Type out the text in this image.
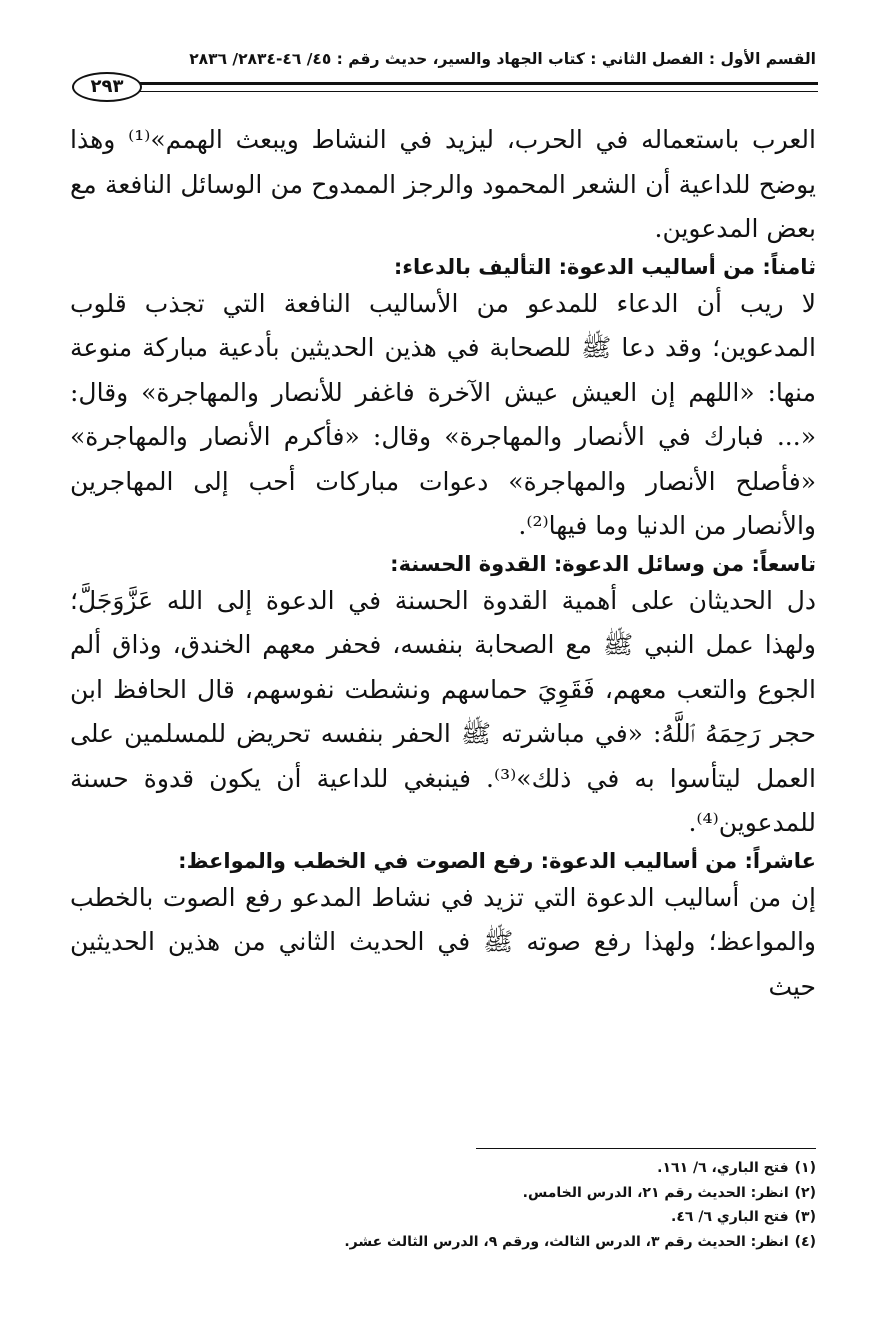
القسم الأول : الفصل الثاني : كتاب الجهاد والسير، حديث رقم : ٤٥/ ٤٦-٢٨٣٤/ ٢٨٣٦
٢٩٣

العرب باستعماله في الحرب، ليزيد في النشاط ويبعث الهمم»⁽¹⁾ وهذا يوضح للداعية أن الشعر المحمود والرجز الممدوح من الوسائل النافعة مع بعض المدعوين.

ثامناً: من أساليب الدعوة: التأليف بالدعاء:

لا ريب أن الدعاء للمدعو من الأساليب النافعة التي تجذب قلوب المدعوين؛ وقد دعا ﷺ للصحابة في هذين الحديثين بأدعية مباركة منوعة منها: «اللهم إن العيش عيش الآخرة فاغفر للأنصار والمهاجرة» وقال: «... فبارك في الأنصار والمهاجرة» وقال: «فأكرم الأنصار والمهاجرة» «فأصلح الأنصار والمهاجرة» دعوات مباركات أحب إلى المهاجرين والأنصار من الدنيا وما فيها⁽²⁾.

تاسعاً: من وسائل الدعوة: القدوة الحسنة:

دل الحديثان على أهمية القدوة الحسنة في الدعوة إلى الله عَزَّوَجَلَّ؛ ولهذا عمل النبي ﷺ مع الصحابة بنفسه، فحفر معهم الخندق، وذاق ألم الجوع والتعب معهم، فَقَوِيَ حماسهم ونشطت نفوسهم، قال الحافظ ابن حجر رَحِمَهُ ٱللَّهُ: «في مباشرته ﷺ الحفر بنفسه تحريض للمسلمين على العمل ليتأسوا به في ذلك»⁽³⁾. فينبغي للداعية أن يكون قدوة حسنة للمدعوين⁽⁴⁾.

عاشراً: من أساليب الدعوة: رفع الصوت في الخطب والمواعظ:

إن من أساليب الدعوة التي تزيد في نشاط المدعو رفع الصوت بالخطب والمواعظ؛ ولهذا رفع صوته ﷺ في الحديث الثاني من هذين الحديثين حيث

(١)فتح الباري، ٦/ ١٦١.
(٢)انظر: الحديث رقم ٢١، الدرس الخامس.
(٣)فتح الباري ٦/ ٤٦.
(٤)انظر: الحديث رقم ٣، الدرس الثالث، ورقم ٩، الدرس الثالث عشر.
